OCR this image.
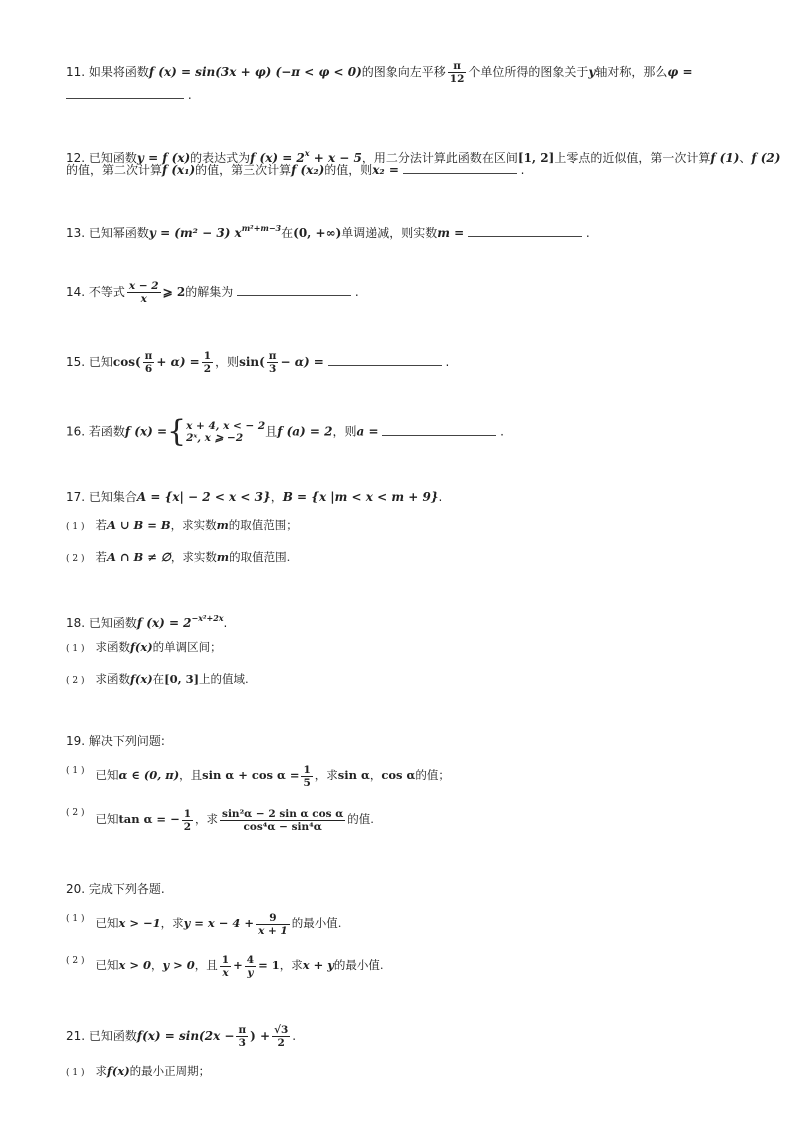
11. 如果将函数f (x) = sin(3x + φ) (−π < φ < 0)的图象向左平移 $\frac{\pi}{12}$ 个单位所得的图象关于y轴对称，那么φ =
.
12. 已知函数y = f (x)的表达式为f $(x) = 2^x + x - 5$，用二分法计算此函数在区间[1, 2]上零点的近似值，第一次计算f (1)、f (2)
的值，第二次计算f (x₁)的值，第三次计算f (x₂)的值，则x₂ =	.
13. 已知幂函数y = (m² − 3) $x^{m^2+m-3}$在(0, +∞)单调递减，则实数m =	.
14. 不等式 $\frac{x - 2}{x}$ ⩾ 2的解集为	.
15. 已知$\cos( \frac{\pi}{6} + \alpha) = \frac{1}{2}$ ，则$\sin( \frac{\pi}{3} - \alpha)$ =	.
16. 若函数f (x) ={ x + 4, x < − 2
2ˣ, x ⩾ −2	且f (a) = 2，则a =	.
17. 已知集合A = {x| − 2 < x < 3}，B = {x |m < x < m + 9}.
( 1 ) 若A ∪ B = B，求实数m的取值范围；
( 2 ) 若A ∩ B ≠ ∅，求实数m的取值范围.
18. 已知函数f $(x) = 2^{-x^2+2x}$.
( 1 ) 求函数f(x)的单调区间；
( 2 ) 求函数f(x)在[0, 3]上的值域.
19. 解决下列问题:
$^{( 1 )}$ 已知α ∈ (0, π)，且$\sin \alpha + \cos \alpha = \frac{1}{5}$ ，求sin α，cos α的值；
$^{( 2 )}$ 已知tan α = − $\frac{1}{2}$ ，求 $\frac{\text{sin²α − 2 sin α cos α}}{\text{cos⁴α − sin⁴α}}$ 的值.
20. 完成下列各题.
$^{( 1 )}$ 已知x > −1，求$y = x - 4 + \frac{9}{x + 1}$ 的最小值.
$^{( 2 )}$ 已知x > 0，y > 0，且 $\frac{1}{x} + \frac{4}{y} = 1$，求x + y的最小值.
21. 已知函数$f(x) = \sin(2x - \frac{\pi}{3}$ ) + $\frac{√3}{2}$ .
( 1 ) 求f(x)的最小正周期；
